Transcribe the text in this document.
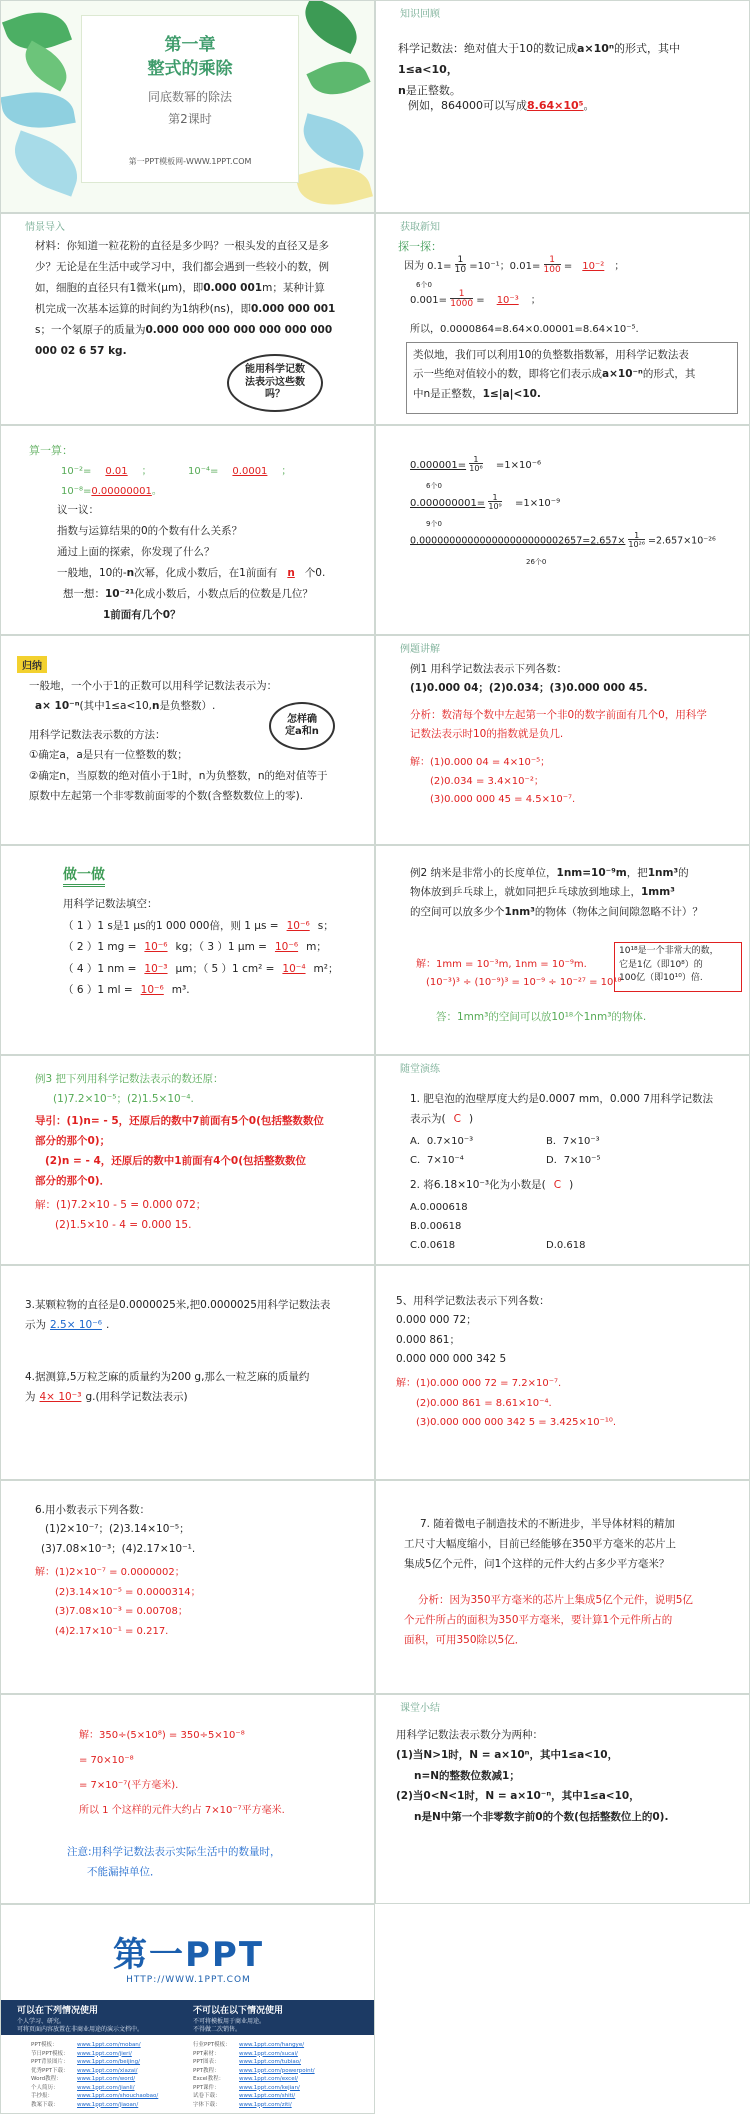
第一章
整式的乘除
同底数幂的除法
第2课时
第一PPT模板网-WWW.1PPT.COM
知识回顾
科学记数法：绝对值大于10的数记成a×10ⁿ的形式，其中1≤a<10，
n是正整数。
例如，864000可以写成8.64×10⁵。
情景导入
材料：你知道一粒花粉的直径是多少吗？一根头发的直径又是多
少？无论是在生活中或学习中，我们都会遇到一些较小的数，例
如，细胞的直径只有1微米(μm)，即0.000 001m；某种计算
机完成一次基本运算的时间约为1纳秒(ns)，即0.000 000 001
s；一个氡原子的质量为0.000 000 000 000 000 000 000
000 02 6 57 kg.
能用科学记数法表示这些数吗？
获取新知
探一探：
因为 $0.1= \frac{1}{10} =10^{-1}$；$0.01= \frac{1}{100} = 10^{-2}$ ；
6个0
$0.001= \frac{1}{1000} = 10^{-3}$ ；
所以，0.0000864=8.64×0.00001=8.64×10⁻⁵.
类似地，我们可以利用10的负整数指数幂，用科学记数法表
示一些绝对值较小的数，即将它们表示成a×10⁻ⁿ的形式，其
中n是正整数，1≤|a|<10.
算一算：
10⁻²= 0.01 ；	10⁻⁴= 0.0001 ；
10⁻⁸=0.00000001。
议一议：
指数与运算结果的0的个数有什么关系？
通过上面的探索，你发现了什么？
一般地，10的-n次幂，化成小数后，在1前面有 n 个0.
想一想：10⁻²¹化成小数后，小数点后的位数是几位？
1前面有几个0？
$0.000001= \frac{1}{\text{10⁶}} =1\times 10^{-6}$
6个0
$0.000000001= \frac{1}{\text{10⁹}} =1\times 10^{-9}$
9个0
$0.000000000000000000000002657=2.657\times \frac{1}{\text{10²⁶}} =2.657\times 10^{-26}$
26个0
归纳
一般地，一个小于1的正数可以用科学记数法表示为：
a× 10⁻ⁿ(其中1≤a<10,n是负整数）.

用科学记数法表示数的方法：
①确定a，a是只有一位整数的数；
②确定n，当原数的绝对值小于1时，n为负整数，n的绝对值等于
原数中左起第一个非零数前面零的个数(含整数数位上的零).
怎样确定a和n
例题讲解
例1 用科学记数法表示下列各数：
(1)0.000 04；(2)0.034；(3)0.000 000 45.
分析：数清每个数中左起第一个非0的数字前面有几个0，用科学
记数法表示时10的指数就是负几.
解：(1)0.000 04 = 4×10⁻⁵；
(2)0.034 = 3.4×10⁻²；
(3)0.000 000 45 = 4.5×10⁻⁷.
做一做
用科学记数法填空：
（ 1 ）1 s是1 μs的1 000 000倍，则 1 μs = 10⁻⁶ s；
（ 2 ）1 mg = 10⁻⁶ kg；（ 3 ）1 μm = 10⁻⁶ m；
（ 4 ）1 nm = 10⁻³ μm；（ 5 ）1 cm² = 10⁻⁴ m²；
（ 6 ）1 ml = 10⁻⁶ m³.
例2 纳米是非常小的长度单位，1nm=10⁻⁹m，把1nm³的
物体放到乒乓球上，就如同把乒乓球放到地球上，1mm³
的空间可以放多少个1nm³的物体（物体之间间隙忽略不计）？
10¹⁸是一个非常大的数，
它是1亿（即10⁸）的
100亿（即10¹⁰）倍.
解：1mm = 10⁻³m, 1nm = 10⁻⁹m.
(10⁻³)³ ÷ (10⁻⁹)³ = 10⁻⁹ ÷ 10⁻²⁷ = 10¹⁸
答：1mm³的空间可以放10¹⁸个1nm³的物体.
例3 把下列用科学记数法表示的数还原：
(1)7.2×10⁻⁵；(2)1.5×10⁻⁴.
导引：(1)n= - 5，还原后的数中7前面有5个0(包括整数数位
部分的那个0)；
(2)n = - 4，还原后的数中1前面有4个0(包括整数数位
部分的那个0)．
解：(1)7.2×10 - 5 = 0.000 072；
(2)1.5×10 - 4 = 0.000 15.
随堂演练
1. 肥皂泡的泡壁厚度大约是0.0007 mm，0.000 7用科学记数法
表示为( C )
A．0.7×10⁻³	B．7×10⁻³
C．7×10⁻⁴	D．7×10⁻⁵
2. 将6.18×10⁻³化为小数是( C )
A.0.000618
B.0.00618
C.0.0618	D.0.618
3.某颗粒物的直径是0.0000025米,把0.0000025用科学记数法表
示为 2.5× 10⁻⁶ .
4.据测算,5万粒芝麻的质量约为200 g,那么一粒芝麻的质量约
为 4× 10⁻³ g.(用科学记数法表示)
5、用科学记数法表示下列各数：
0.000 000 72；
0.000 861；
0.000 000 000 342 5
解：(1)0.000 000 72 = 7.2×10⁻⁷.
(2)0.000 861 = 8.61×10⁻⁴.
(3)0.000 000 000 342 5 = 3.425×10⁻¹⁰.
6.用小数表示下列各数：
(1)2×10⁻⁷；(2)3.14×10⁻⁵；
(3)7.08×10⁻³；(4)2.17×10⁻¹.
解：(1)2×10⁻⁷ = 0.0000002；
(2)3.14×10⁻⁵ = 0.0000314；
(3)7.08×10⁻³ = 0.00708；
(4)2.17×10⁻¹ = 0.217.
7. 随着微电子制造技术的不断进步，半导体材料的精加
工尺寸大幅度缩小，目前已经能够在350平方毫米的芯片上
集成5亿个元件，问1个这样的元件大约占多少平方毫米？
分析：因为350平方毫米的芯片上集成5亿个元件，说明5亿
个元件所占的面积为350平方毫米，要计算1个元件所占的
面积，可用350除以5亿．
解：350÷(5×10⁸) = 350÷5×10⁻⁸
= 70×10⁻⁸
= 7×10⁻⁷(平方毫米).
所以 1 个这样的元件大约占 7×10⁻⁷平方毫米.
注意:用科学记数法表示实际生活中的数量时，
不能漏掉单位．
课堂小结
用科学记数法表示数分为两种：
(1)当N>1时，N = a×10ⁿ，其中1≤a<10，
n=N的整数位数减1；
(2)当0<N<1时，N = a×10⁻ⁿ，其中1≤a<10，
n是N中第一个非零数字前0的个数(包括整数位上的0).
第一PPT
HTTP://WWW.1PPT.COM
可以在下列情况使用
个人学习、研究。
可将页面内容放置在非商业用途的演示文档中。
不可以在以下情况使用
不可将模板用于商业用途。
不得做二次销售。
PPT模板：	www.1ppt.com/moban/
节日PPT模板： www.1ppt.com/jieri/
PPT背景图片： www.1ppt.com/beijing/
优秀PPT下载： www.1ppt.com/xiazai/
Word教程：	www.1ppt.com/word/
个人简历：	www.1ppt.com/jianli/
手抄报：	www.1ppt.com/shouchaobao/
教案下载：	www.1ppt.com/jiaoan/
行业PPT模板： www.1ppt.com/hangye/
PPT素材：	www.1ppt.com/sucai/
PPT图表：	www.1ppt.com/tubiao/
PPT教程：	www.1ppt.com/powerpoint/
Excel教程：	www.1ppt.com/excel/
PPT课件：	www.1ppt.com/kejian/
试卷下载：	www.1ppt.com/shiti/
字体下载：	www.1ppt.com/ziti/
